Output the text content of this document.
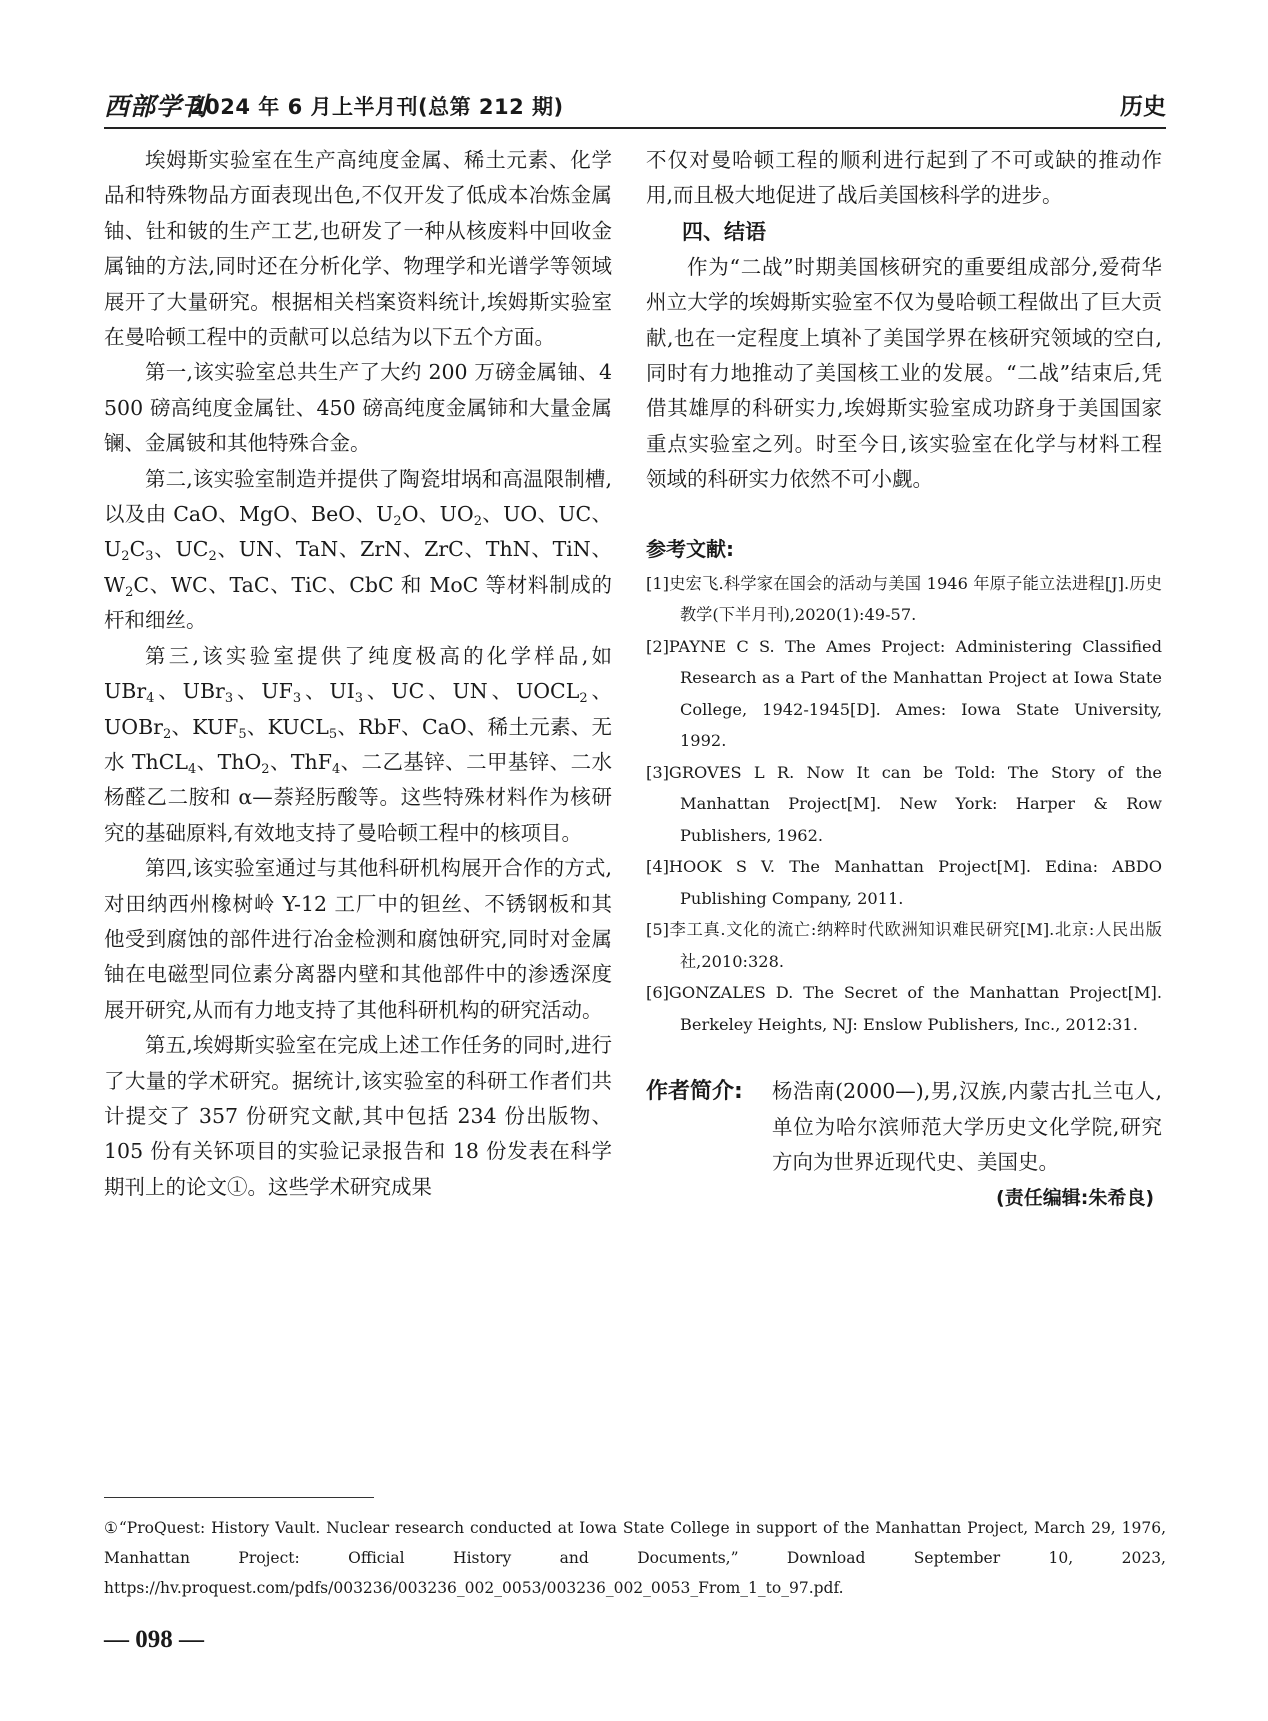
西部学刊
2024 年 6 月上半月刊(总第 212 期)	历史

埃姆斯实验室在生产高纯度金属、稀土元素、化学品和特殊物品方面表现出色,不仅开发了低成本冶炼金属铀、钍和铍的生产工艺,也研发了一种从核废料中回收金属铀的方法,同时还在分析化学、物理学和光谱学等领域展开了大量研究。根据相关档案资料统计,埃姆斯实验室在曼哈顿工程中的贡献可以总结为以下五个方面。

第一,该实验室总共生产了大约 200 万磅金属铀、4 500 磅高纯度金属钍、450 磅高纯度金属铈和大量金属镧、金属铍和其他特殊合金。

第二,该实验室制造并提供了陶瓷坩埚和高温限制槽,以及由 CaO、MgO、BeO、$U_2O$、$UO_2$、UO、UC、$U_2C_3$、$UC_2$、UN、TaN、ZrN、ZrC、ThN、TiN、$W_2C$、WC、TaC、TiC、CbC 和 MoC 等材料制成的杆和细丝。

第三,该实验室提供了纯度极高的化学样品,如 UBr$_4$、UBr$_3$、$UF_3$、$UI_3$、UC、UN、$UOCL_2$、UOBr$_2$、$KUF_5$、$KUCL_5$、RbF、CaO、稀土元素、无水 ThCL$_4$、ThO$_2$、ThF$_4$、二乙基锌、二甲基锌、二水杨醛乙二胺和 α—萘羟肟酸等。这些特殊材料作为核研究的基础原料,有效地支持了曼哈顿工程中的核项目。

第四,该实验室通过与其他科研机构展开合作的方式,对田纳西州橡树岭 Y-12 工厂中的钽丝、不锈钢板和其他受到腐蚀的部件进行冶金检测和腐蚀研究,同时对金属铀在电磁型同位素分离器内壁和其他部件中的渗透深度展开研究,从而有力地支持了其他科研机构的研究活动。

第五,埃姆斯实验室在完成上述工作任务的同时,进行了大量的学术研究。据统计,该实验室的科研工作者们共计提交了 357 份研究文献,其中包括 234 份出版物、105 份有关钚项目的实验记录报告和 18 份发表在科学期刊上的论文①。这些学术研究成果

不仅对曼哈顿工程的顺利进行起到了不可或缺的推动作用,而且极大地促进了战后美国核科学的进步。

四、结语

作为“二战”时期美国核研究的重要组成部分,爱荷华州立大学的埃姆斯实验室不仅为曼哈顿工程做出了巨大贡献,也在一定程度上填补了美国学界在核研究领域的空白,同时有力地推动了美国核工业的发展。“二战”结束后,凭借其雄厚的科研实力,埃姆斯实验室成功跻身于美国国家重点实验室之列。时至今日,该实验室在化学与材料工程领域的科研实力依然不可小觑。

参考文献:

[1]史宏飞.科学家在国会的活动与美国 1946 年原子能立法进程[J].历史教学(下半月刊),2020(1):49-57.

[2]PAYNE C S. The Ames Project: Administering Classified Research as a Part of the Manhattan Project at Iowa State College, 1942-1945[D]. Ames: Iowa State University, 1992.

[3]GROVES L R. Now It can be Told: The Story of the Manhattan Project[M]. New York: Harper & Row Publishers, 1962.

[4]HOOK S V. The Manhattan Project[M]. Edina: ABDO Publishing Company, 2011.

[5]李工真.文化的流亡:纳粹时代欧洲知识难民研究[M].北京:人民出版社,2010:328.

[6]GONZALES D. The Secret of the Manhattan Project[M]. Berkeley Heights, NJ: Enslow Publishers, Inc., 2012:31.

作者简介: 杨浩南(2000—),男,汉族,内蒙古扎兰屯人,单位为哈尔滨师范大学历史文化学院,研究方向为世界近现代史、美国史。

(责任编辑:朱希良)

①“ProQuest: History Vault. Nuclear research conducted at Iowa State College in support of the Manhattan Project, March 29, 1976, Manhattan Project: Official History and Documents,” Download September 10, 2023, https://hv.proquest.com/pdfs/003236/003236_002_0053/003236_002_0053_From_1_to_97.pdf.

— 098 —
